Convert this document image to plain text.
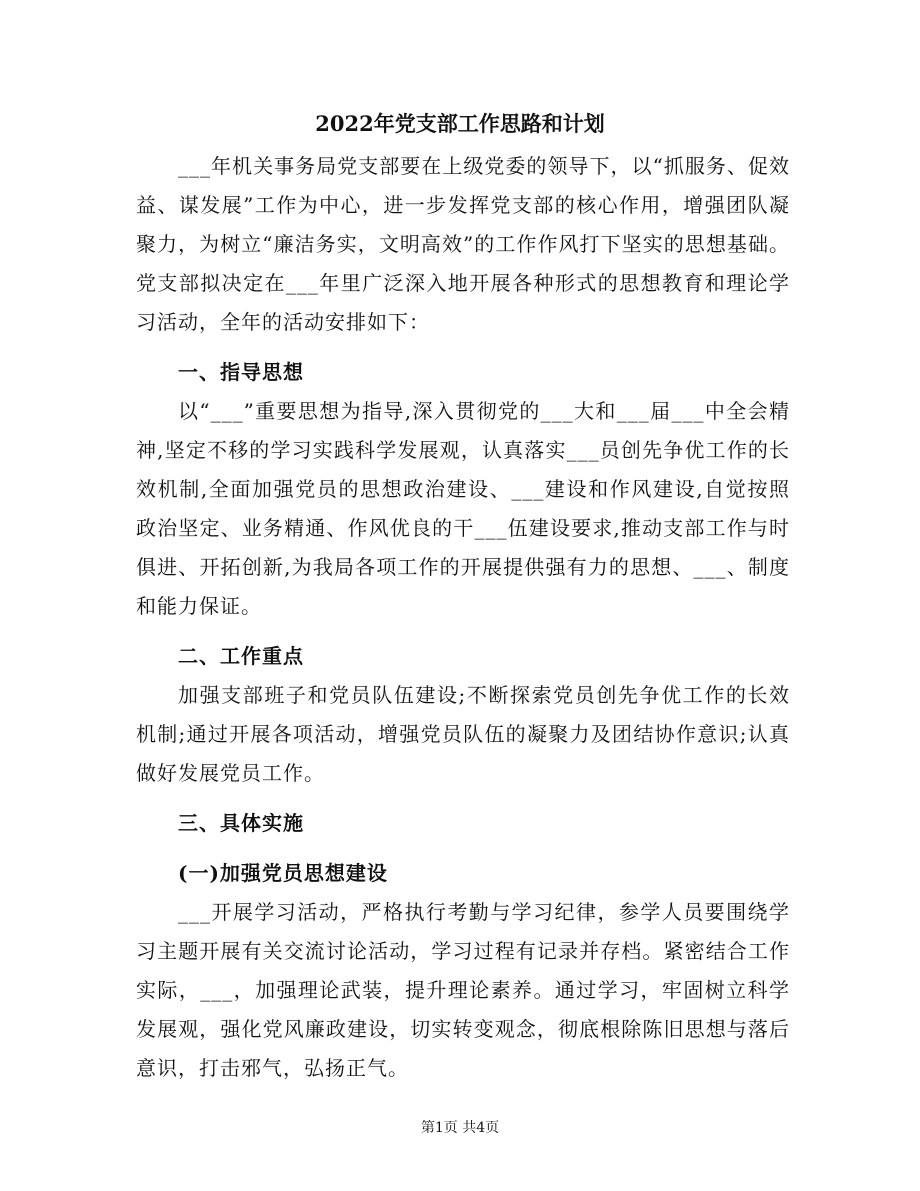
2022年党支部工作思路和计划

___年机关事务局党支部要在上级党委的领导下，以“抓服务、促效益、谋发展”工作为中心，进一步发挥党支部的核心作用，增强团队凝聚力，为树立“廉洁务实，文明高效”的工作作风打下坚实的思想基础。党支部拟决定在___年里广泛深入地开展各种形式的思想教育和理论学习活动，全年的活动安排如下：

一、指导思想

以“___”重要思想为指导,深入贯彻党的___大和___届___中全会精神,坚定不移的学习实践科学发展观，认真落实___员创先争优工作的长效机制,全面加强党员的思想政治建设、___建设和作风建设,自觉按照政治坚定、业务精通、作风优良的干___伍建设要求,推动支部工作与时俱进、开拓创新,为我局各项工作的开展提供强有力的思想、___、制度和能力保证。

二、工作重点

加强支部班子和党员队伍建设;不断探索党员创先争优工作的长效机制;通过开展各项活动，增强党员队伍的凝聚力及团结协作意识;认真做好发展党员工作。

三、具体实施

(一)加强党员思想建设

___开展学习活动，严格执行考勤与学习纪律，参学人员要围绕学习主题开展有关交流讨论活动，学习过程有记录并存档。紧密结合工作实际，___，加强理论武装，提升理论素养。通过学习，牢固树立科学发展观，强化党风廉政建设，切实转变观念，彻底根除陈旧思想与落后意识，打击邪气，弘扬正气。

第1页 共4页
